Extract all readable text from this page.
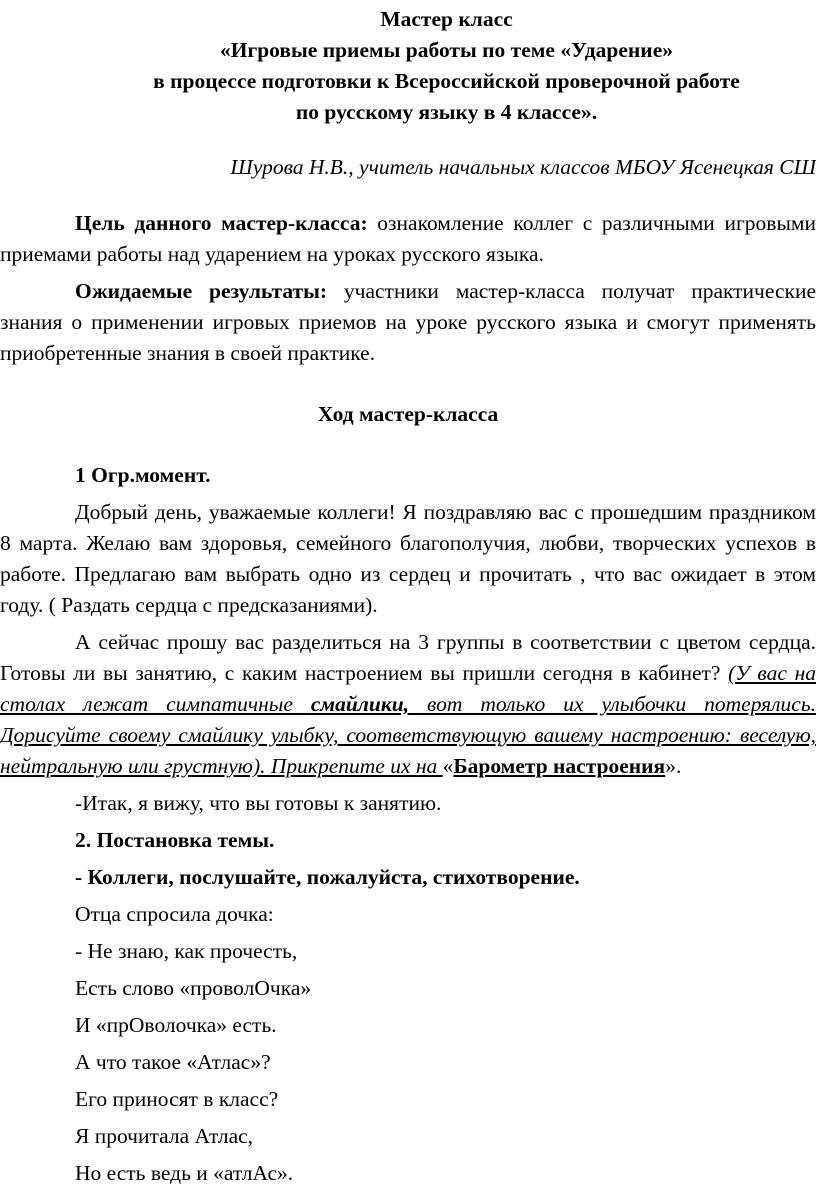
Мастер класс
«Игровые приемы работы по теме «Ударение»
в процессе подготовки к Всероссийской проверочной работе
по русскому языку в 4 классе».
Шурова Н.В., учитель начальных классов МБОУ Ясенецкая СШ

Цель данного мастер-класса: ознакомление коллег с различными игровыми приемами работы над ударением на уроках русского языка.

Ожидаемые результаты: участники мастер-класса получат практические знания о применении игровых приемов на уроке русского языка и смогут применять приобретенные знания в своей практике.

Ход мастер-класса

1 Огр.момент.

Добрый день, уважаемые коллеги! Я поздравляю вас с прошедшим праздником 8 марта. Желаю вам здоровья, семейного благополучия, любви, творческих успехов в работе. Предлагаю вам выбрать одно из сердец и прочитать , что вас ожидает в этом году. ( Раздать сердца с предсказаниями).

А сейчас прошу вас разделиться на 3 группы в соответствии с цветом сердца. Готовы ли вы занятию, с каким настроением вы пришли сегодня в кабинет? (У вас на столах лежат симпатичные смайлики, вот только их улыбочки потерялись. Дорисуйте своему смайлику улыбку, соответствующую вашему настроению: веселую, нейтральную или грустную). Прикрепите их на «Барометр настроения».

-Итак, я вижу, что вы готовы к занятию.
2. Постановка темы.
- Коллеги, послушайте, пожалуйста, стихотворение.
Отца спросила дочка:
- Не знаю, как прочесть,
Есть слово «проволОчка»
И «прОволочка» есть.
А что такое «Атлас»?
Его приносят в класс?
Я прочитала Атлас,
Но есть ведь и «атлАс».
